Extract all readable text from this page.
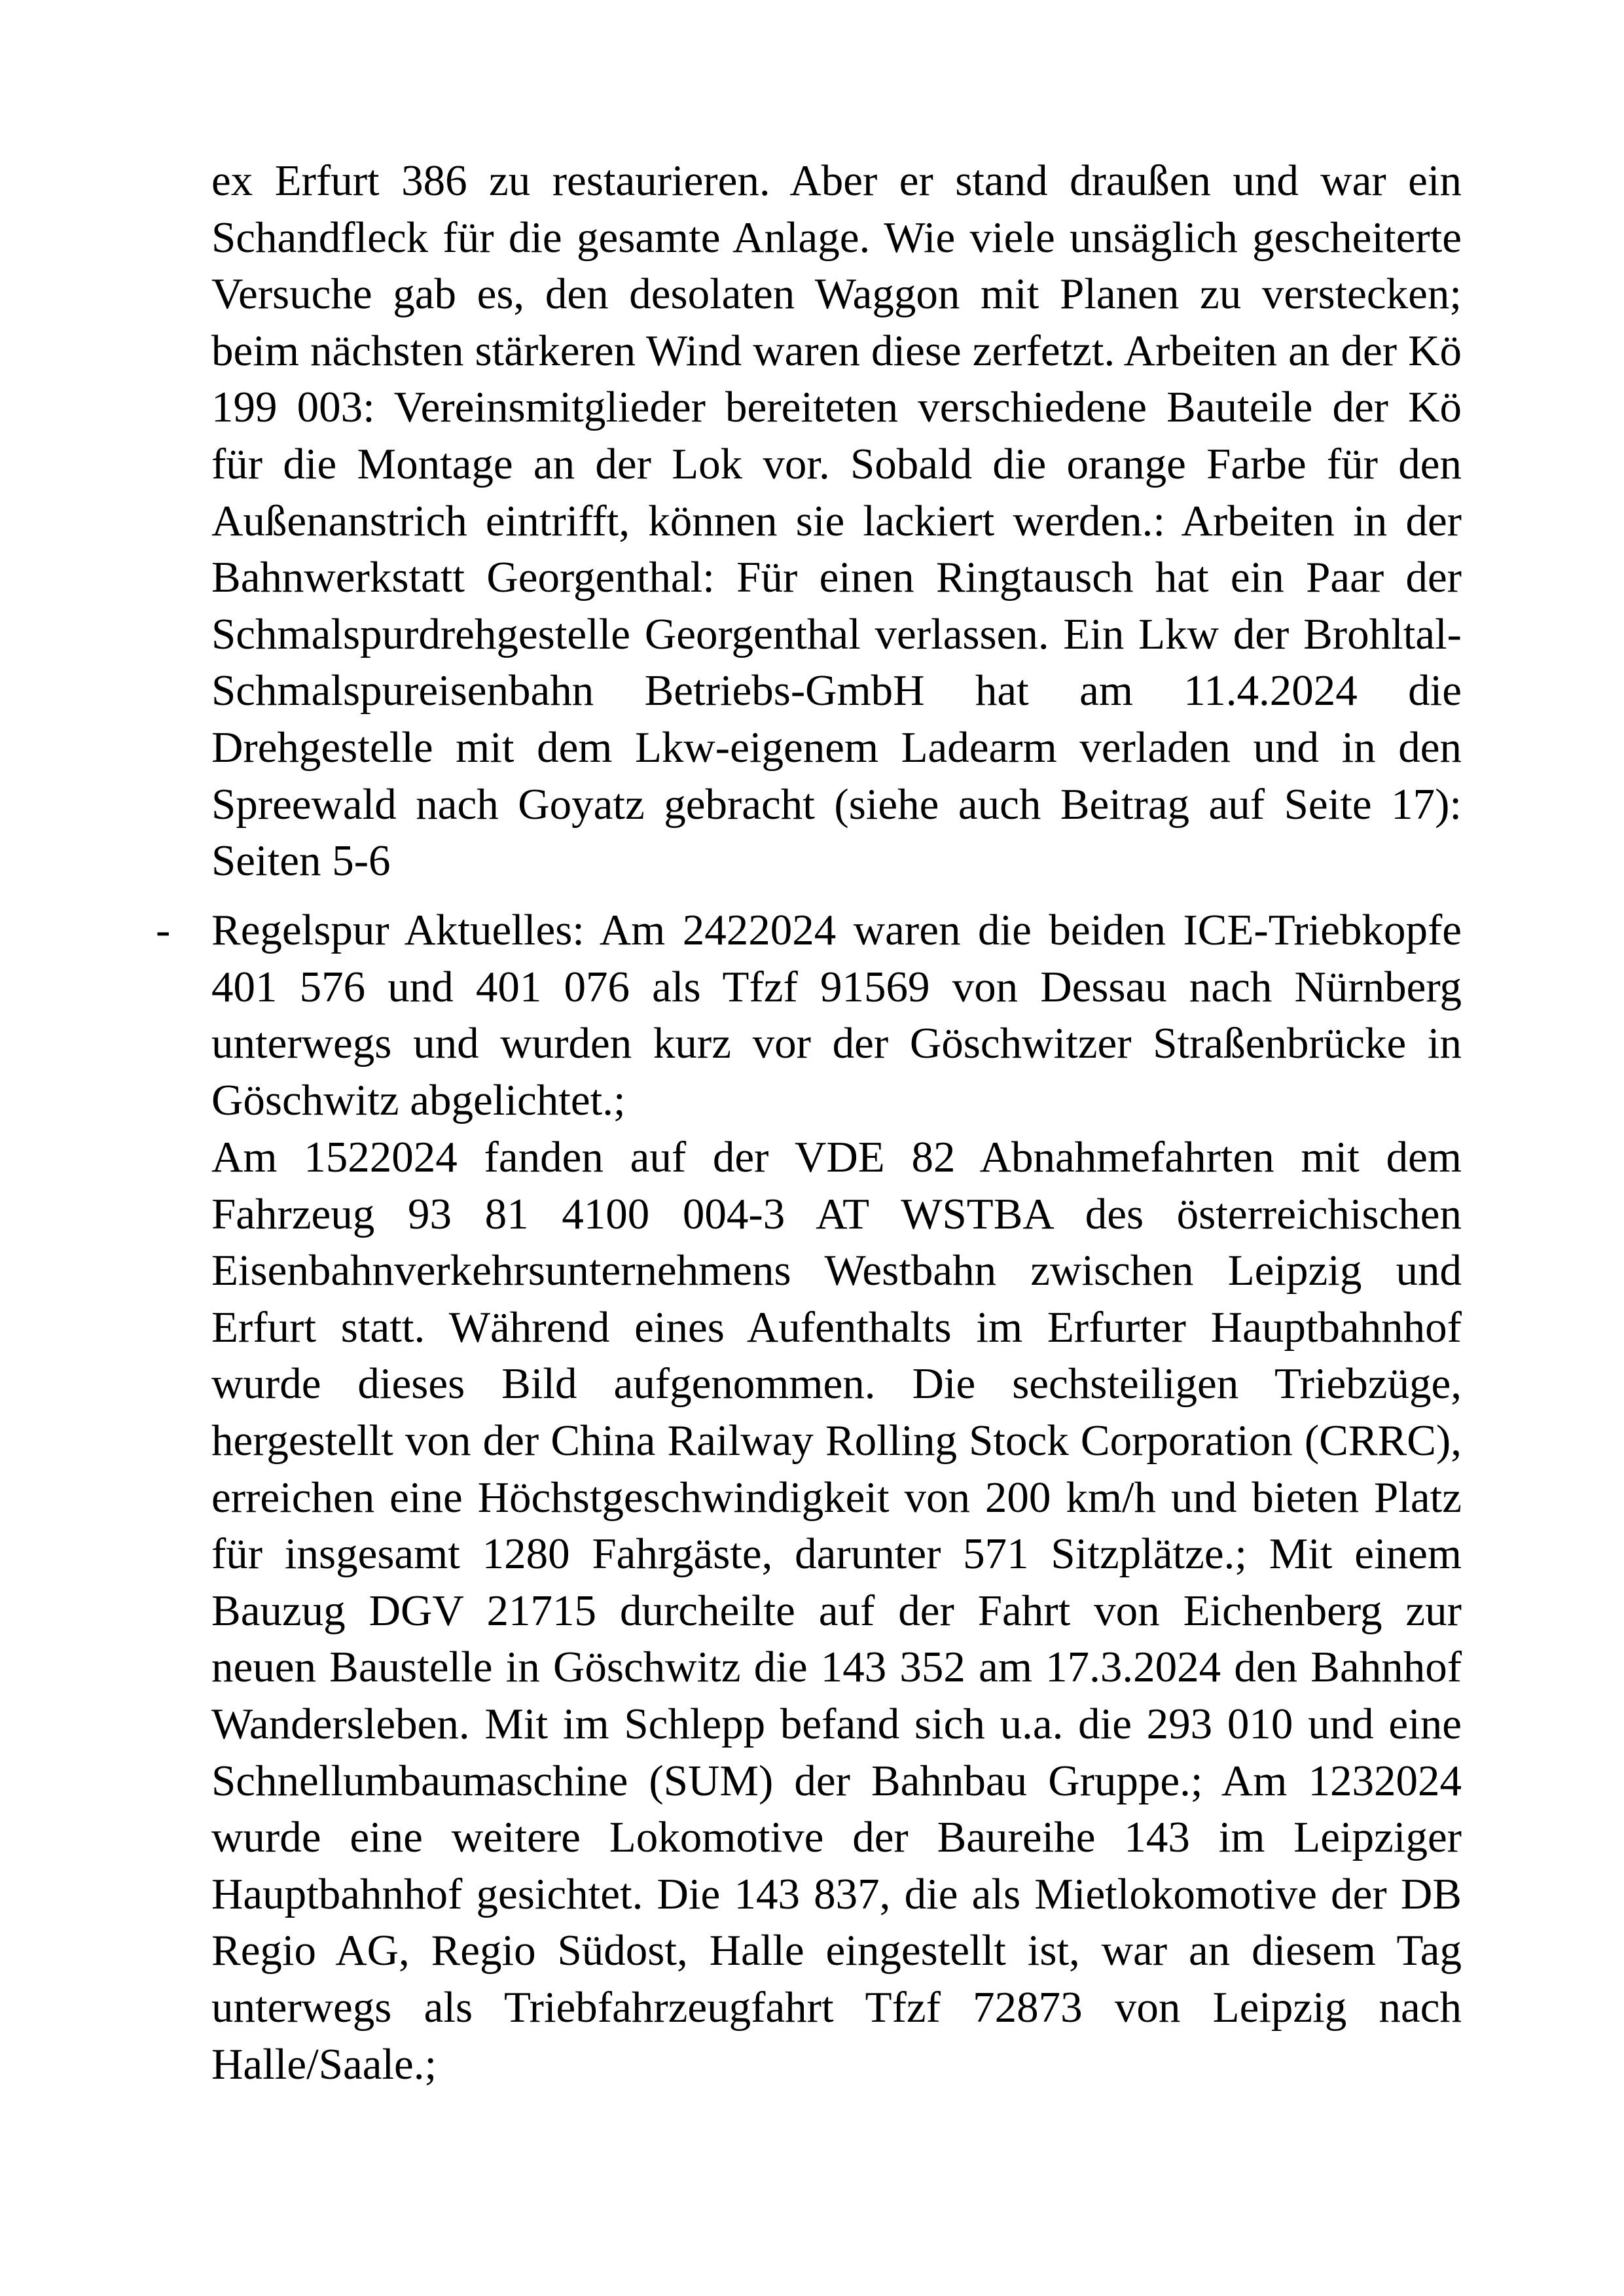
ex Erfurt 386 zu restaurieren. Aber er stand draußen und war ein Schandfleck für die gesamte Anlage. Wie viele unsäglich gescheiterte Versuche gab es, den desolaten Waggon mit Planen zu verstecken; beim nächsten stärkeren Wind waren diese zerfetzt. Arbeiten an der Kö 199 003: Vereinsmitglieder bereiteten verschiedene Bauteile der Kö für die Montage an der Lok vor. Sobald die orange Farbe für den Außenanstrich eintrifft, können sie lackiert werden.: Arbeiten in der Bahnwerkstatt Georgenthal: Für einen Ringtausch hat ein Paar der Schmalspurdrehgestelle Georgenthal verlassen. Ein Lkw der Brohltal-Schmalspureisenbahn Betriebs-GmbH hat am 11.4.2024 die Drehgestelle mit dem Lkw-eigenem Ladearm verladen und in den Spreewald nach Goyatz gebracht (siehe auch Beitrag auf Seite 17): Seiten 5-6

- Regelspur Aktuelles: Am 2422024 waren die beiden ICE-Triebkopfe 401 576 und 401 076 als Tfzf 91569 von Dessau nach Nürnberg unterwegs und wurden kurz vor der Göschwitzer Straßenbrücke in Göschwitz abgelichtet.;

Am 1522024 fanden auf der VDE 82 Abnahmefahrten mit dem Fahrzeug 93 81 4100 004-3 AT WSTBA des österreichischen Eisenbahnverkehrsunternehmens Westbahn zwischen Leipzig und Erfurt statt. Während eines Aufenthalts im Erfurter Hauptbahnhof wurde dieses Bild aufgenommen. Die sechsteiligen Triebzüge, hergestellt von der China Railway Rolling Stock Corporation (CRRC), erreichen eine Höchstgeschwindigkeit von 200 km/h und bieten Platz für insgesamt 1280 Fahrgäste, darunter 571 Sitzplätze.; Mit einem Bauzug DGV 21715 durcheilte auf der Fahrt von Eichenberg zur neuen Baustelle in Göschwitz die 143 352 am 17.3.2024 den Bahnhof Wandersleben. Mit im Schlepp befand sich u.a. die 293 010 und eine Schnellumbaumaschine (SUM) der Bahnbau Gruppe.; Am 1232024 wurde eine weitere Lokomotive der Baureihe 143 im Leipziger Hauptbahnhof gesichtet. Die 143 837, die als Mietlokomotive der DB Regio AG, Regio Südost, Halle eingestellt ist, war an diesem Tag unterwegs als Triebfahrzeugfahrt Tfzf 72873 von Leipzig nach Halle/Saale.;
